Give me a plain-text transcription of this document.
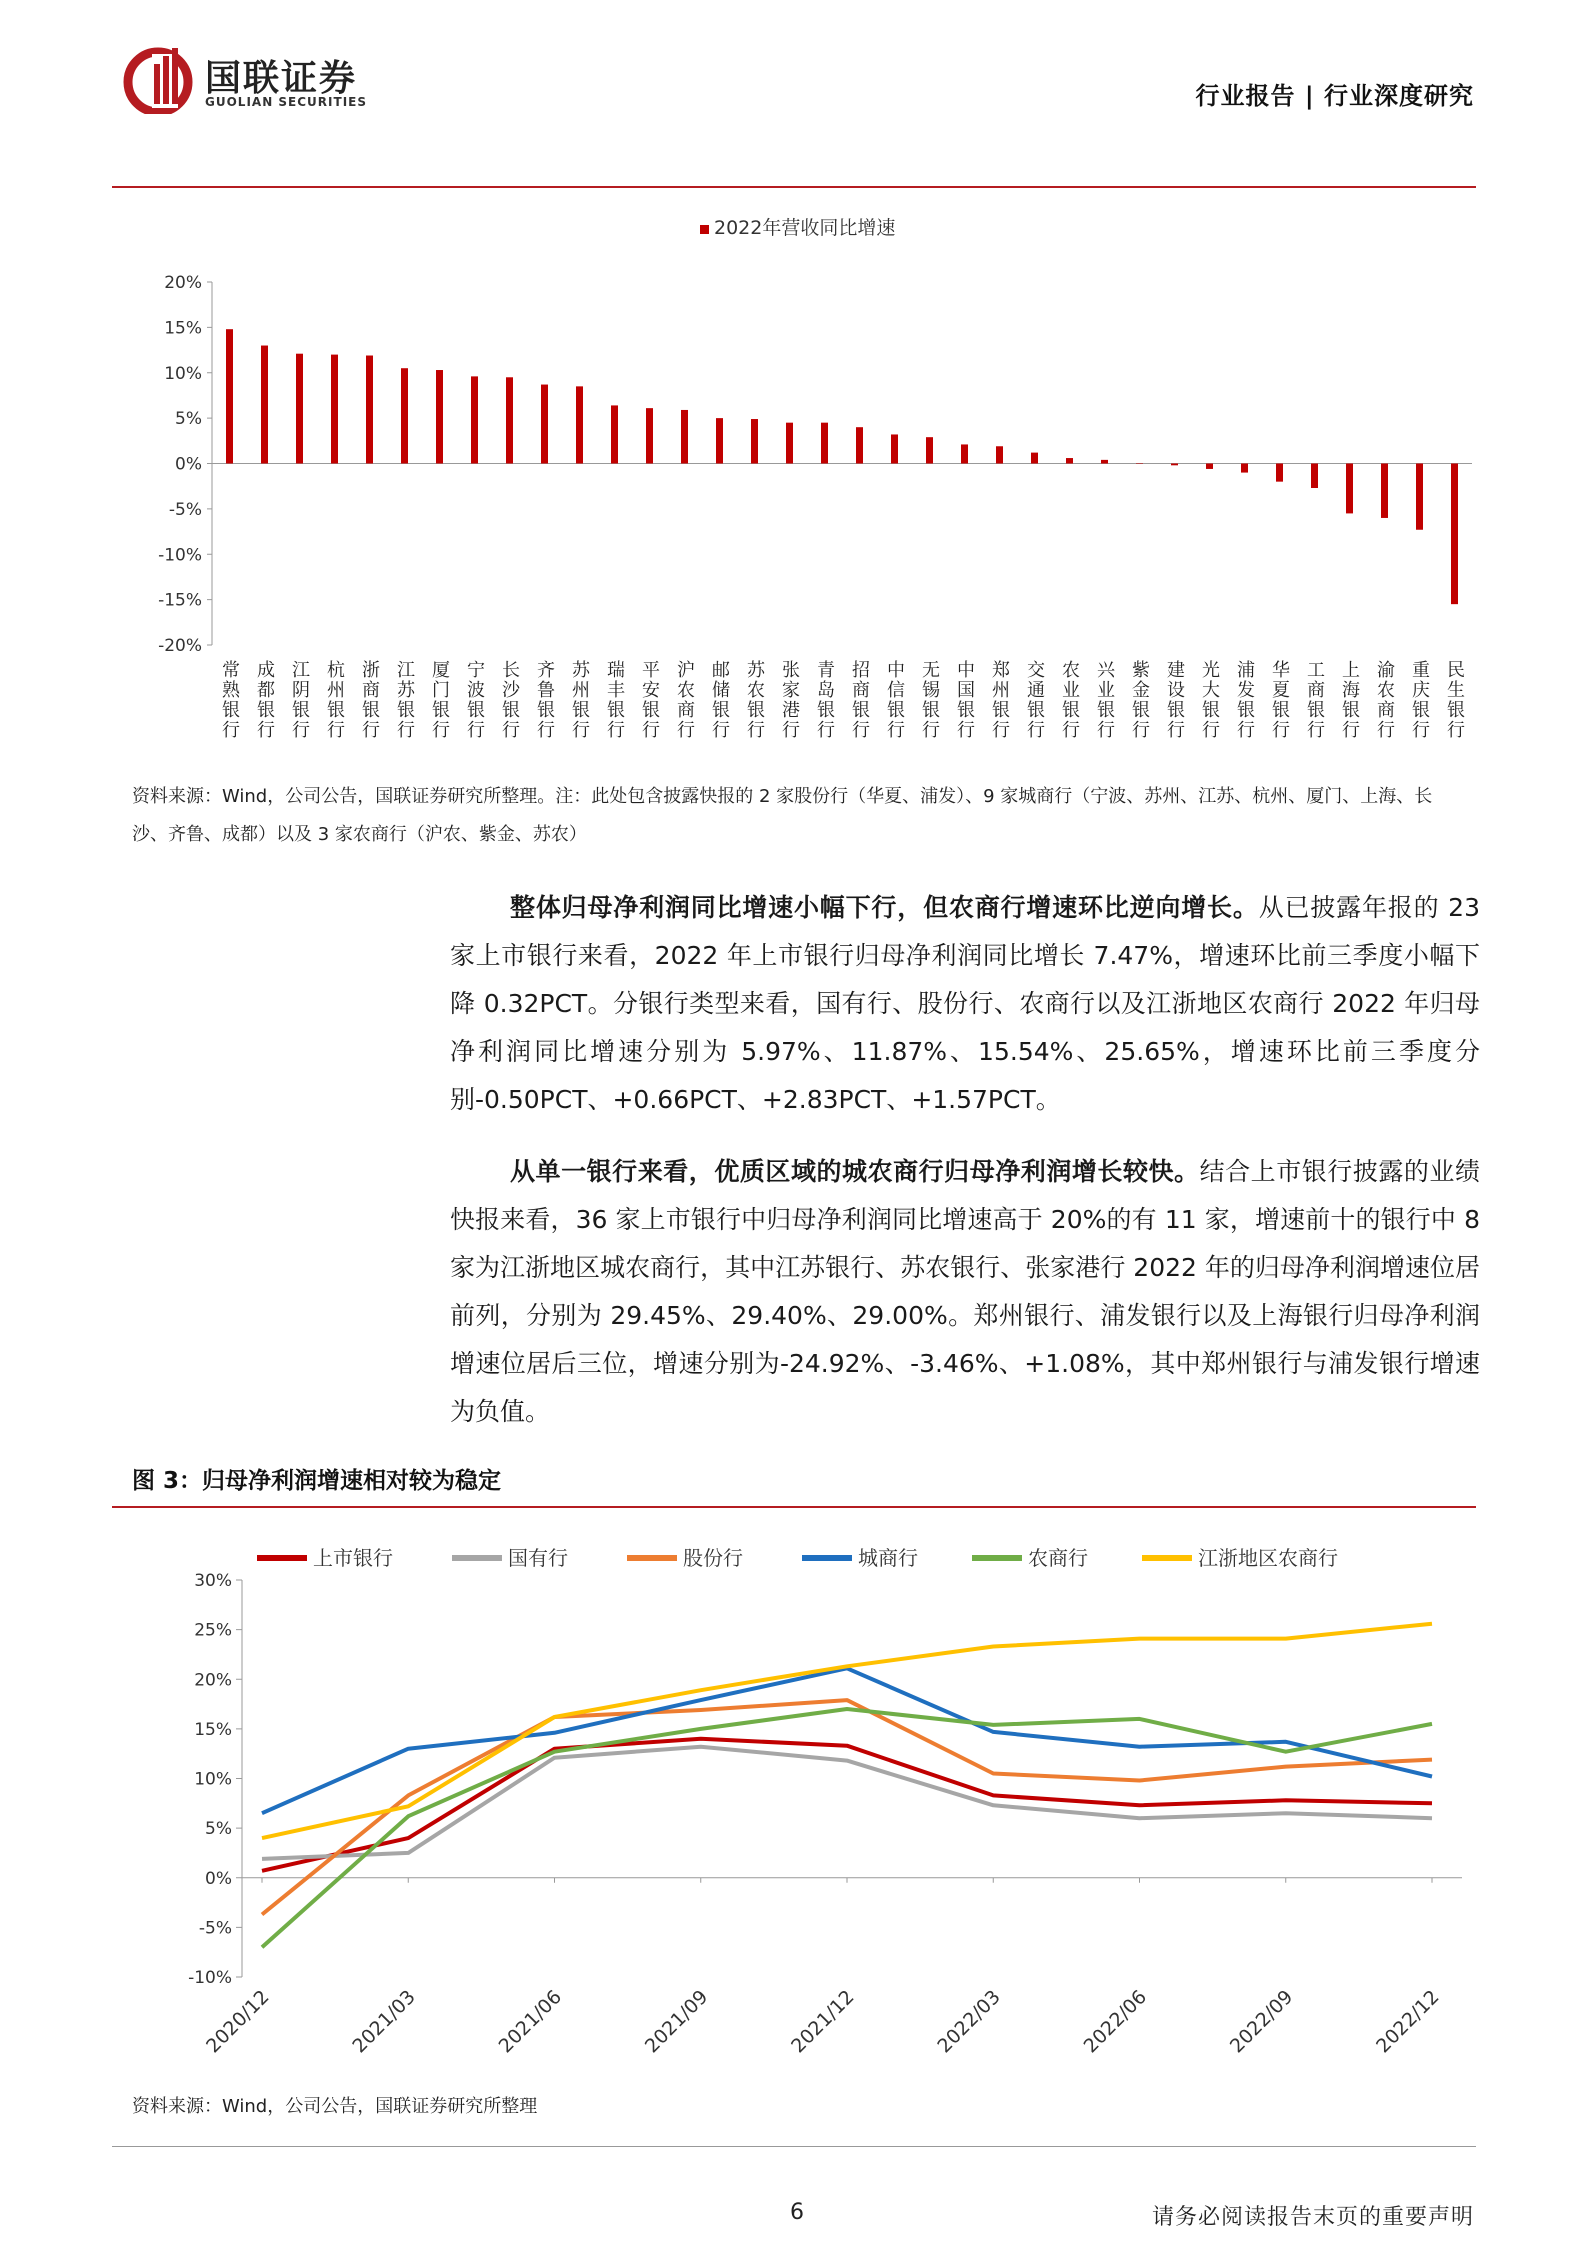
国联证券
GUOLIAN SECURITIES	行业报告 | 行业深度研究
2022年营收同比增速
20%
15%
10%
5%
0%
-5%
-10%
-15%
-20%
常熟银行 成都银行 江阴银行 杭州银行 浙商银行 江苏银行 厦门银行 宁波银行 长沙银行 齐鲁银行 苏州银行 瑞丰银行 平安银行 沪农商行 邮储银行 苏农银行 张家港行 青岛银行 招商银行 中信银行 无锡银行 中国银行 郑州银行 交通银行 农业银行 兴业银行 紫金银行 建设银行 光大银行 浦发银行 华夏银行 工商银行 上海银行 渝农商行 重庆银行 民生银行
资料来源：Wind，公司公告，国联证券研究所整理。注：此处包含披露快报的 2 家股份行（华夏、浦发）、9 家城商行（宁波、苏州、江苏、杭州、厦门、上海、长沙、齐鲁、成都）以及 3 家农商行（沪农、紫金、苏农）
整体归母净利润同比增速小幅下行，但农商行增速环比逆向增长。从已披露年报的 23 家上市银行来看，2022 年上市银行归母净利润同比增长 7.47%，增速环比前三季度小幅下降 0.32PCT。分银行类型来看，国有行、股份行、农商行以及江浙地区农商行 2022 年归母净利润同比增速分别为 5.97%、11.87%、15.54%、25.65%，增速环比前三季度分别-0.50PCT、+0.66PCT、+2.83PCT、+1.57PCT。
从单一银行来看，优质区域的城农商行归母净利润增长较快。结合上市银行披露的业绩快报来看，36 家上市银行中归母净利润同比增速高于 20%的有 11 家，增速前十的银行中 8 家为江浙地区城农商行，其中江苏银行、苏农银行、张家港行 2022 年的归母净利润增速位居前列，分别为 29.45%、29.40%、29.00%。郑州银行、浦发银行以及上海银行归母净利润增速位居后三位，增速分别为-24.92%、-3.46%、+1.08%，其中郑州银行与浦发银行增速为负值。
图 3：归母净利润增速相对较为稳定
上市银行	国有行	股份行	城商行	农商行	江浙地区农商行
30%
25%
20%
15%
10%
5%
0%
-5%
-10%
2020/12	2021/03	2021/06	2021/09	2021/12	2022/03	2022/06	2022/09	2022/12
资料来源：Wind，公司公告，国联证券研究所整理
6	请务必阅读报告末页的重要声明
